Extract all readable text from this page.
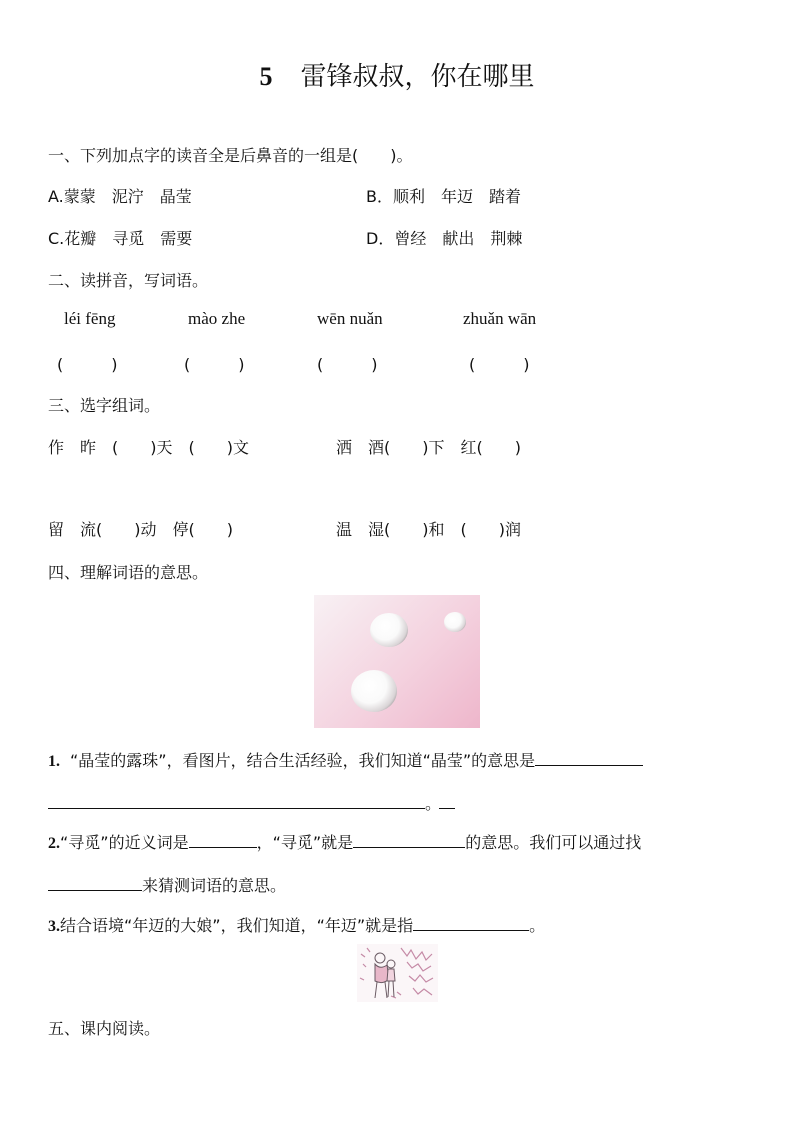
5 雷锋叔叔，你在哪里
一、下列加点字的读音全是后鼻音的一组是(　　)。
A.蒙蒙　泥泞　晶莹	B．顺利　年迈　踏着
C.花瓣　寻觅　需要	D．曾经　献出　荆棘
二、读拼音，写词语。
léi fēng	mào zhe	wēn nuǎn	zhuǎn wān
(　　　)	(　　　)	(　　　)	(　　　)
三、选字组词。
作　昨　(　　)天　(　　)文	洒　酒(　　)下　红(　　)
留　流(　　)动　停(　　)	温　湿(　　)和　(　　)润
四、理解词语的意思。
1. “晶莹的露珠”，看图片，结合生活经验，我们知道“晶莹”的意思是
。
2.“寻觅”的近义词是	，“寻觅”就是	的意思。我们可以通过找
来猜测词语的意思。
3.结合语境“年迈的大娘”，我们知道，“年迈”就是指	。
五、课内阅读。
